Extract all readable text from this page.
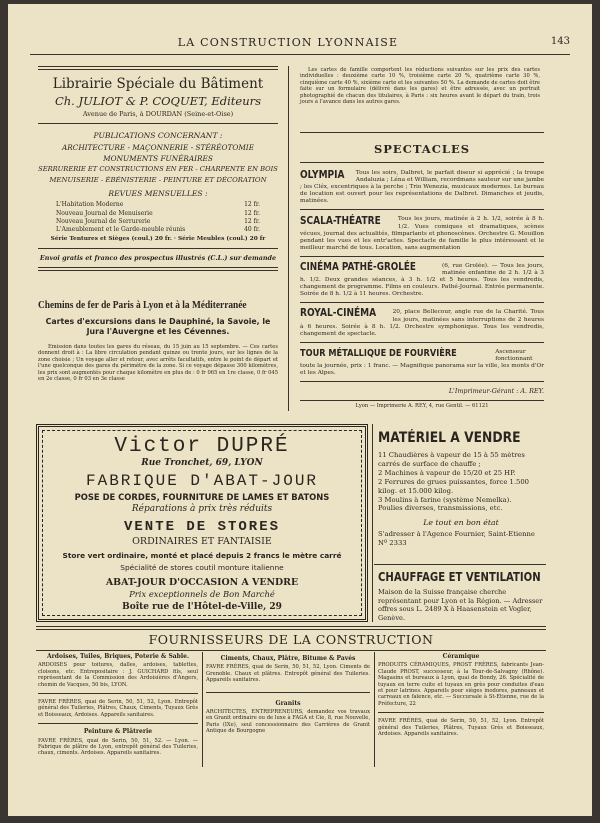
LA CONSTRUCTION LYONNAISE	143
Librairie Spéciale du Bâtiment
Ch. JULIOT & P. COQUET, Editeurs
Avenue de Paris, à DOURDAN (Seine-et-Oise)
PUBLICATIONS CONCERNANT :
ARCHITECTURE - MAÇONNERIE - STÉRÉOTOMIE
MONUMENTS FUNÉRAIRES
SERRURERIE ET CONSTRUCTIONS EN FER - CHARPENTE EN BOIS
MENUISERIE - ÉBÉNISTERIE - PEINTURE ET DÉCORATION
REVUES MENSUELLES :
L'Habitation Moderne	12 fr.
Nouveau Journal de Menuiserie	12 fr.
Nouveau Journal de Serrurerie	12 fr.
L'Ameublement et le Garde-meuble réunis	40 fr.
Série Tentures et Sièges (coul.) 20 fr. · Série Meubles (coul.) 20 fr
Envoi gratis et franco des prospectus illustrés (C.L.) sur demande
Chemins de fer de Paris à Lyon et à la Méditerranée
Cartes d'excursions dans le Dauphiné, la Savoie, le Jura l'Auvergne et les Cévennes.
Emission dans toutes les gares du réseau, du 15 juin au 15 septembre. — Ces cartes donnent droit à : La libre circulation pendant quinze ou trente jours, sur les lignes de la zone choisie ; Un voyage aller et retour, avec arrêts facultatifs, entre le point de départ et l'une quelconque des gares du périmètre de la zone. Si ce voyage dépasse 300 kilomètres, les prix sont augmentés pour chaque kilomètre en plus de : 0 fr 065 en 1re classe, 0 fr 045 en 2e classe, 0 fr 03 en 3e classe
Les cartes de famille comportent les réductions suivantes sur les prix des cartes individuelles : deuxième carte 10 %, troisième carte 20 %, quatrième carte 30 %, cinquième carte 40 %, sixième carte et les suivantes 50 %. La demande de cartes doit être faite sur un formulaire (délivré dans les gares) et être adressée, avec un portrait photographié de chacun des titulaires, à Paris : six heures avant le départ du train, trois jours à l'avance dans les autres gares.
SPECTACLES
OLYMPIA Tous les soirs, Dalbret, le parfait diseur si apprécié ; la troupe Andaluzia ; Léna et William, recordmans sauteur sur une jambe ; les Cléx, excentriques à la perche ; Trio Wenezia, musicaux modernes. Le bureau de location est ouvert pour les représentations de Dalbret. Dimanches et jeudis, matinées.
SCALA-THÉATRE	Tous les jours, matinée à 2 h. 1/2, soirée à 8 h. 1/2. Vues comiques et dramatiques, scènes vécues, journal des actualités, filmparlants et phonoscènes. Orchestre G. Mouillon pendant les vues et les entr'actes. Spectacle de famille le plus intéressant et le meilleur marché de tous. Location, sans augmentation
CINÉMA PATHÉ-GROLÉE	(6, rue Grolée). — Tous les jours, matinée enfantine de 2 h. 1/2 à 3 h. 1/2. Deux grandes séances, à 3 h. 1/2 et 5 heures. Tous les vendredis, changement de programme. Films en couleurs. Pathé-Journal. Entrée permanente. Soirée de 8 h. 1/2 à 11 heures. Orchestre.
ROYAL-CINÉMA	20, place Bellecour, angle rue de la Charité. Tous les jours, matinées sans interruptions de 2 heures à 6 heures. Soirée à 8 h. 1/2. Orchestre symphonique. Tous les vendredis, changement de spectacle.
TOUR MÉTALLIQUE DE FOURVIÈRE	Ascenseur fonctionnant toute la journée, prix : 1 franc. — Magnifique panorama sur la ville, les monts d'Or et les Alpes.
L'Imprimeur-Gérant : A. REY.
Lyon — Imprimerie A. REY, 4, rue Gentil. — 61121
Victor DUPRÉ
Rue Tronchet, 69, LYON
FABRIQUE D'ABAT-JOUR
POSE DE CORDES, FOURNITURE DE LAMES ET BATONS
Réparations à prix très réduits
VENTE DE STORES
ORDINAIRES ET FANTAISIE
Store vert ordinaire, monté et placé depuis 2 francs le mètre carré
Spécialité de stores coutil monture italienne
ABAT-JOUR D'OCCASION A VENDRE
Prix exceptionnels de Bon Marché
Boîte rue de l'Hôtel-de-Ville, 29
MATÉRIEL A VENDRE
11 Chaudières à vapeur de 15 à 55 mètres carrés de surface de chauffe ;
2 Machines à vapeur de 15/20 et 25 HP.
2 Ferrures de grues puissantes, force 1.500 kilog. et 15.000 kilog.
3 Moulins à farine (système Nemelka).
Poulies diverses, transmissions, etc.
Le tout en bon état
S'adresser à l'Agence Fournier, Saint-Etienne Nº 2333
CHAUFFAGE ET VENTILATION
Maison de la Suisse française cherche représentant pour Lyon et la Région. — Adresser offres sous L. 2489 X à Haasenstein et Vogler, Genève.
FOURNISSEURS DE LA CONSTRUCTION
Ardoises, Tuiles, Briques, Poterie & Sable.
ARDOISES pour toitures, dalles, ardoises, tablettes, cloisons, etc. Entrepositaire : J. GUICHARD fils, seul représentant de la Commission des Ardoisières d'Angers, chemin de Vacques, 50 bis, LYON.
FAVRE FRÈRES, quai de Serin, 50, 51, 52, Lyon. Entrepôt général des Tuileries, Plâtres, Chaux, Ciments, Tuyaux Grès et Boisseaux, Ardoises. Appareils sanitaires.
Peinture & Plâtrerie
FAVRE FRÈRES, quai de Serin, 50, 51, 52. — Lyon. — Fabrique de plâtre de Lyon, entrepôt général des Tuileries, chaux, ciments. Ardoises. Appareils sanitaires.
Ciments, Chaux, Plâtre, Bitume & Pavés
FAVRE FRÈRES, quai de Serin, 50, 51, 52, Lyon. Ciments de Grenoble. Chaux et plâtres. Entrepôt général des Tuileries. Appareils sanitaires.
Granits
ARCHITECTES, ENTREPRENEURS, demandez vos travaux en Granit ordinaire ou de luxe à FAGA et Cie, 8, rue Nouvelle, Paris (IXe), seul concessionnaire des Carrières de Granit Antique de Bourgogne
Céramique
PRODUITS CÉRAMIQUES, PROST FRÈRES, fabricants Jean-Claude PROST, successeur, à la Tour-de-Salvagny (Rhône). Magasins et bureaux à Lyon, quai de Bondy, 26. Spécialité de tuyaux en terre cuite et tuyaux en grès pour conduites d'eau et pour latrines. Appareils pour sièges inodores, panneaux et carreaux en faïence, etc. — Succursale à St-Etienne, rue de la Préfecture, 22
FAVRE FRÈRES, quai de Serin, 50, 51, 52, Lyon. Entrepôt général des Tuileries, Plâtres, Tuyaux Grès et Boisseaux, Ardoises. Appareils sanitaires.
